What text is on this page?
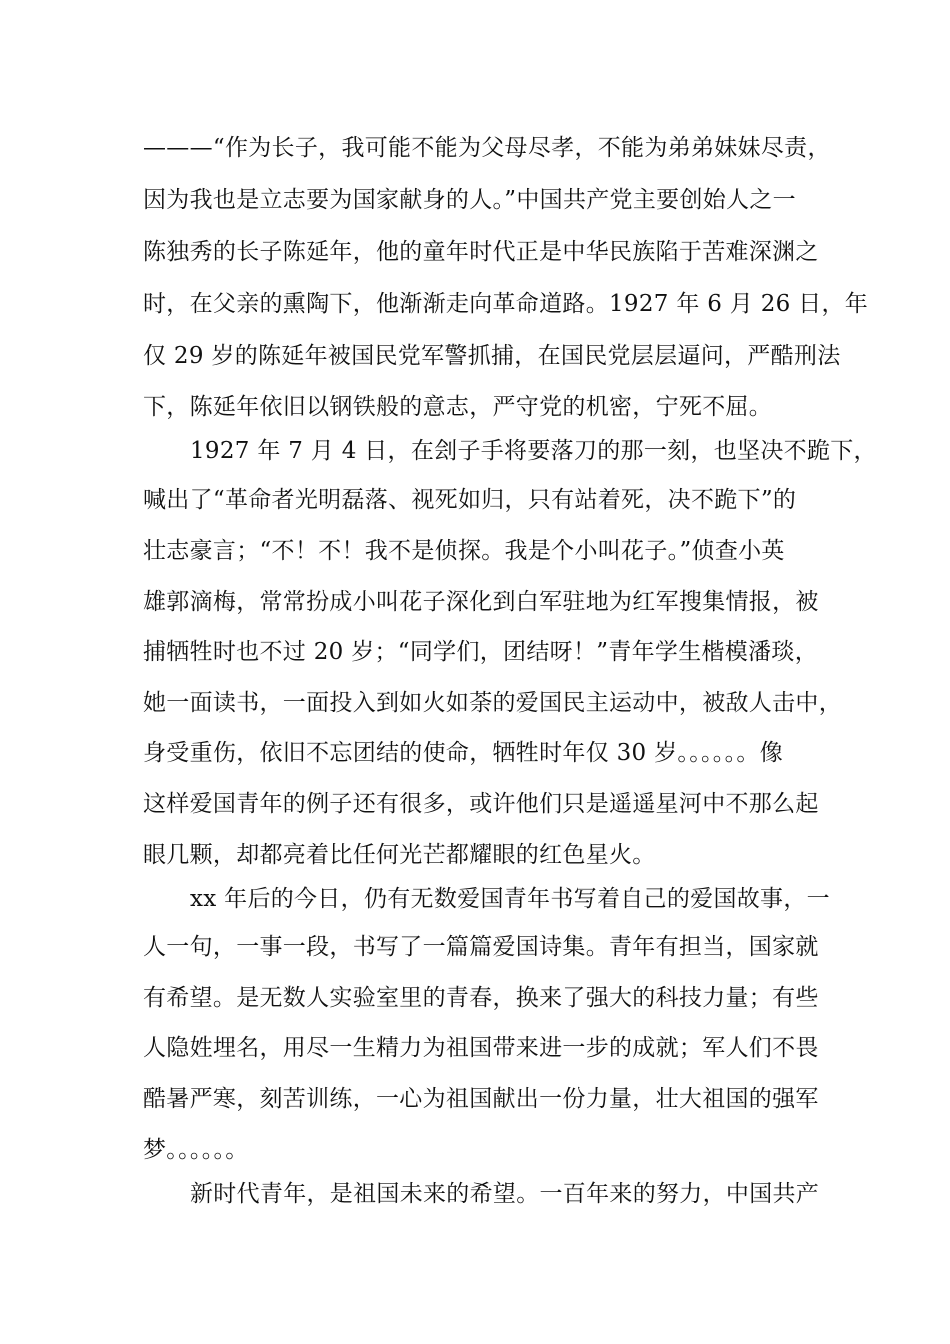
———“作为长子，我可能不能为父母尽孝，不能为弟弟妹妹尽责，
因为我也是立志要为国家献身的人。”中国共产党主要创始人之一
陈独秀的长子陈延年，他的童年时代正是中华民族陷于苦难深渊之
时，在父亲的熏陶下，他渐渐走向革命道路。1927 年 6 月 26 日，年
仅 29 岁的陈延年被国民党军警抓捕，在国民党层层逼问，严酷刑法
下，陈延年依旧以钢铁般的意志，严守党的机密，宁死不屈。
1927 年 7 月 4 日，在刽子手将要落刀的那一刻，也坚决不跪下，
喊出了“革命者光明磊落、视死如归，只有站着死，决不跪下”的
壮志豪言；“不！不！我不是侦探。我是个小叫花子。”侦查小英
雄郭滴梅，常常扮成小叫花子深化到白军驻地为红军搜集情报，被
捕牺牲时也不过 20 岁；“同学们，团结呀！”青年学生楷模潘琰，
她一面读书，一面投入到如火如荼的爱国民主运动中，被敌人击中，
身受重伤，依旧不忘团结的使命，牺牲时年仅 30 岁。。。。。。像
这样爱国青年的例子还有很多，或许他们只是遥遥星河中不那么起
眼几颗，却都亮着比任何光芒都耀眼的红色星火。
xx 年后的今日，仍有无数爱国青年书写着自己的爱国故事，一
人一句，一事一段，书写了一篇篇爱国诗集。青年有担当，国家就
有希望。是无数人实验室里的青春，换来了强大的科技力量；有些
人隐姓埋名，用尽一生精力为祖国带来进一步的成就；军人们不畏
酷暑严寒，刻苦训练，一心为祖国献出一份力量，壮大祖国的强军
梦。。。。。。
新时代青年，是祖国未来的希望。一百年来的努力，中国共产
